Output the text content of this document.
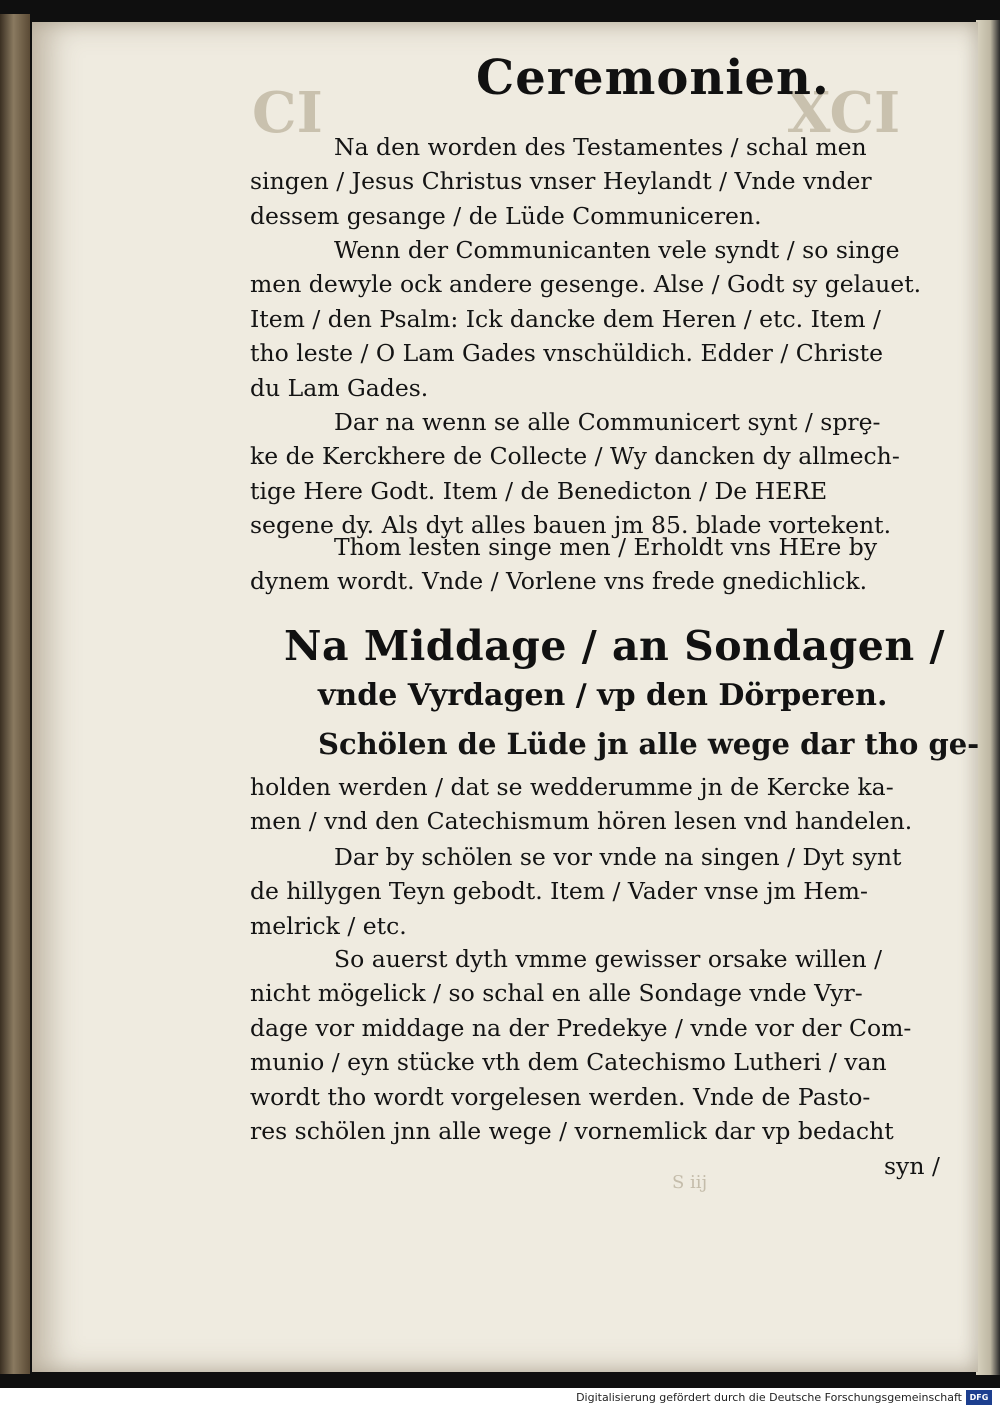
CI	XCI
S iij
Ceremonien.
Na den worden des Testamentes / schal men
singen / Jesus Christus vnser Heylandt / Vnde vnder
dessem gesange / de Lüde Communiceren.
Wenn der Communicanten vele syndt / so singe
men dewyle ock andere gesenge. Alse / Godt sy gelauet.
Item / den Psalm: Ick dancke dem Heren / etc. Item /
tho leste / O Lam Gades vnschüldich. Edder / Christe
du Lam Gades.
Dar na wenn se alle Communicert synt / sprȩ-
ke de Kerckhere de Collecte / Wy dancken dy allmech-
tige Here Godt. Item / de Benedicton / De HERE
segene dy. Als dyt alles bauen jm 85. blade vortekent.
Thom lesten singe men / Erholdt vns HEre by
dynem wordt. Vnde / Vorlene vns frede gnedichlick.
Na Middage / an Sondagen /
vnde Vyrdagen / vp den Dörperen.
Schölen de Lüde jn alle wege dar tho ge-
holden werden / dat se wedderumme jn de Kercke ka-
men / vnd den Catechismum hören lesen vnd handelen.
Dar by schölen se vor vnde na singen / Dyt synt
de hillygen Teyn gebodt. Item / Vader vnse jm Hem-
melrick / etc.
So auerst dyth vmme gewisser orsake willen /
nicht mögelick / so schal en alle Sondage vnde Vyr-
dage vor middage na der Predekye / vnde vor der Com-
munio / eyn stücke vth dem Catechismo Lutheri / van
wordt tho wordt vorgelesen werden. Vnde de Pasto-
res schölen jnn alle wege / vornemlick dar vp bedacht
syn /
Digitalisierung gefördert durch die Deutsche Forschungsgemeinschaft DFG
